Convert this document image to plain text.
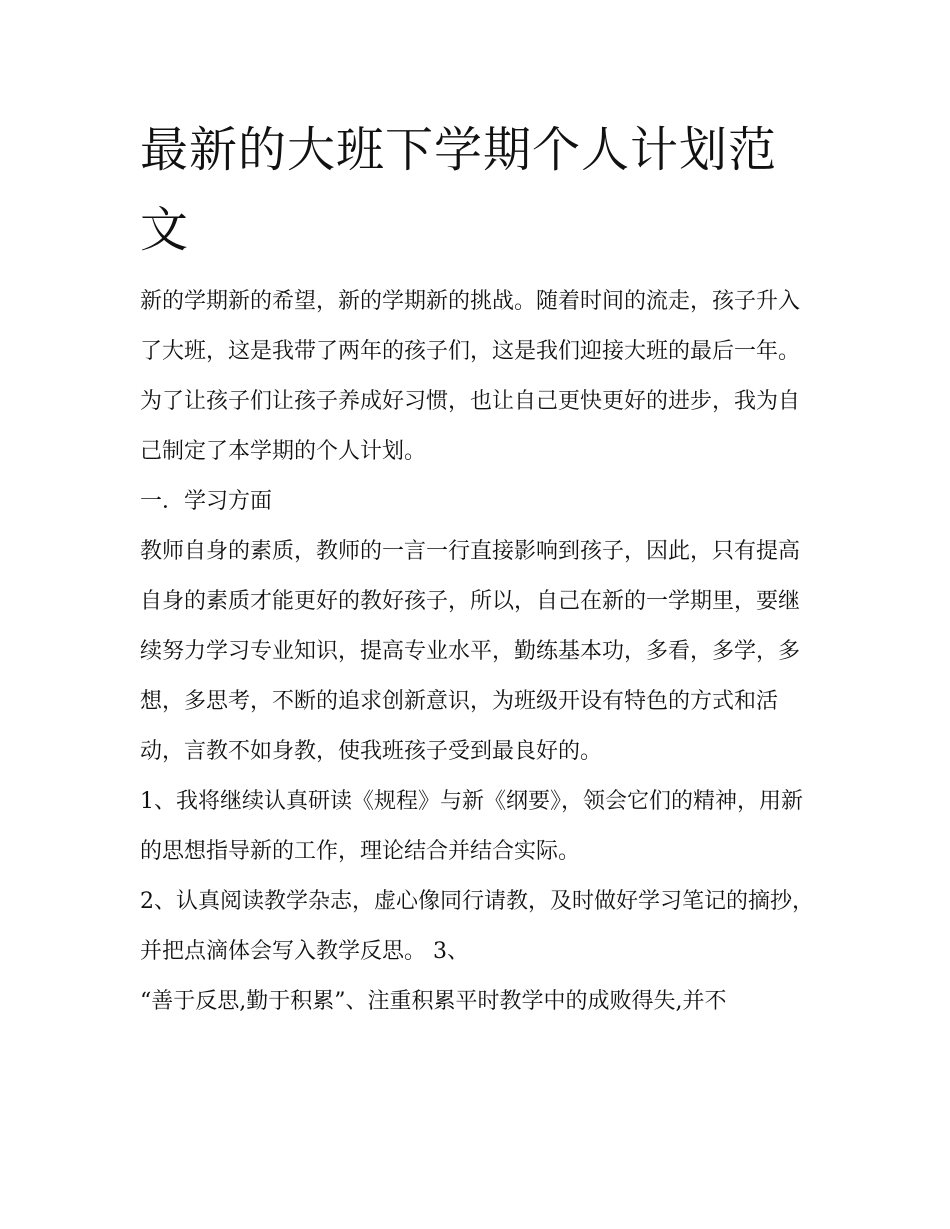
最新的大班下学期个人计划范文

新的学期新的希望，新的学期新的挑战。随着时间的流走，孩子升入了大班，这是我带了两年的孩子们，这是我们迎接大班的最后一年。为了让孩子们让孩子养成好习惯，也让自己更快更好的进步，我为自己制定了本学期的个人计划。

一．学习方面

教师自身的素质，教师的一言一行直接影响到孩子，因此，只有提高自身的素质才能更好的教好孩子，所以，自己在新的一学期里，要继续努力学习专业知识，提高专业水平，勤练基本功，多看，多学，多想，多思考，不断的追求创新意识，为班级开设有特色的方式和活动，言教不如身教，使我班孩子受到最良好的。

1、我将继续认真研读《规程》与新《纲要》，领会它们的精神，用新的思想指导新的工作，理论结合并结合实际。

2、认真阅读教学杂志，虚心像同行请教，及时做好学习笔记的摘抄，并把点滴体会写入教学反思。 3、

“善于反思,勤于积累”、注重积累平时教学中的成败得失,并不
